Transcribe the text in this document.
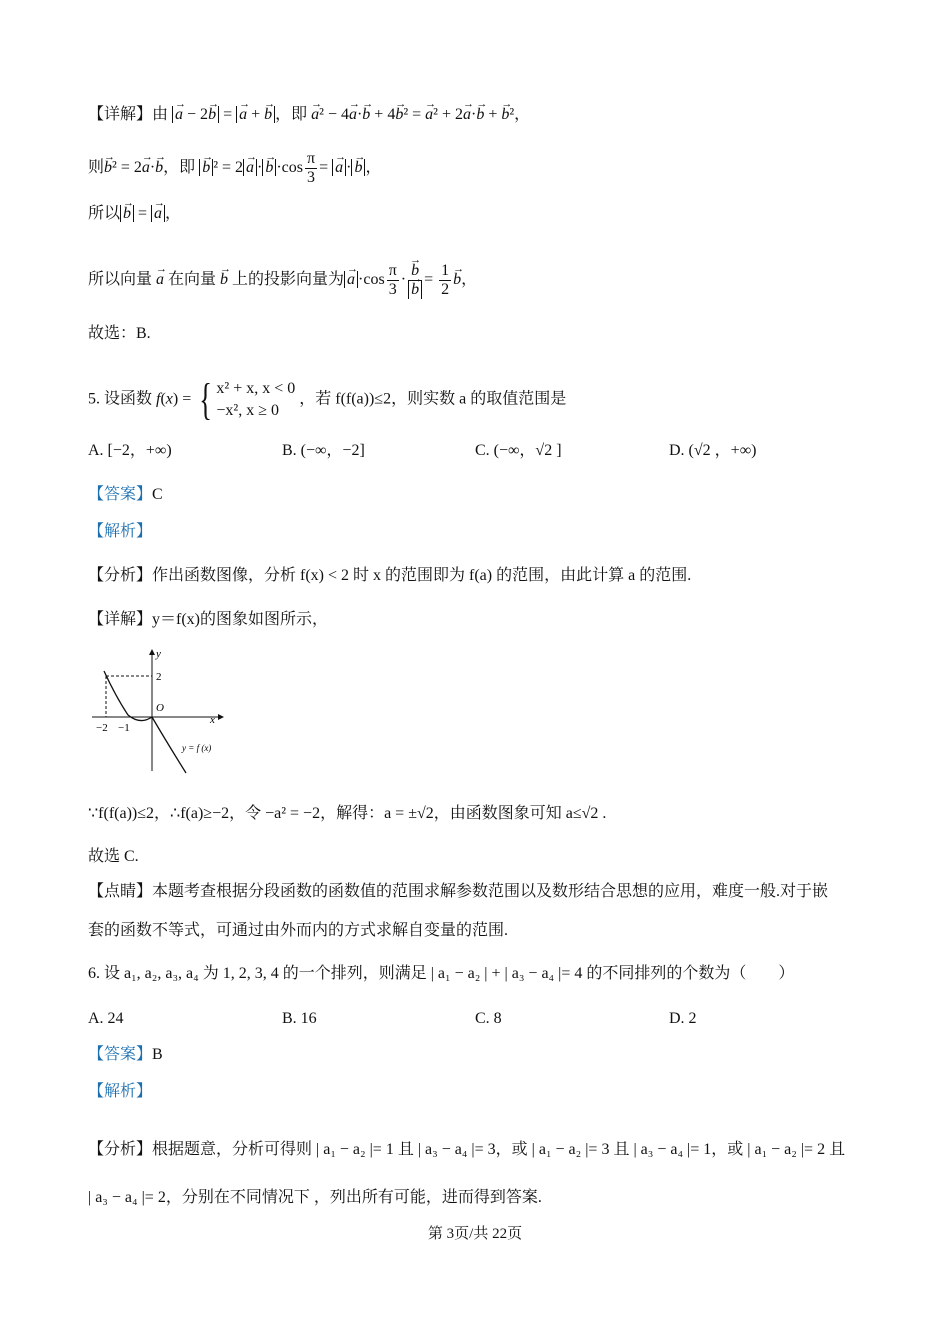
【详解】由 → a − 2→ b = → a + → b ，即 → a² − 4→ a·→ b + 4→ b² = → a² + 2→ a·→ b + → b²，
则→ b² = 2→ a·→ b，即 → b $^2 = 2\to a \cdot\to b \cdot\cos \frac{\pi}{3}$ = → a ·→ b ，
所以→ b = → a ，
所以向量 → a 在向量 → b 上的投影向量为→ $a \cdot\cos \frac{\pi}{3}$ ·
→ b
→ $b = \frac{1}{2}$
→ b，
故选：B.
5. 设函数 f(x) = { x² + x, x < 0
−x², x ≥ 0
，若 f(f(a))≤2，则实数 a 的取值范围是
A. [−2，+∞)	B. (−∞，−2]	C. (−∞，√2 ]	D. (√2 ，+∞)
【答案】C
【解析】
【分析】作出函数图像，分析 f(x) < 2 时 x 的范围即为 f(a) 的范围，由此计算 a 的范围.
【详解】y＝f(x)的图象如图所示，
y
x
O
2
−2 −1
y = f (x)
∵f(f(a))≤2，∴f(a)≥−2，令 −a² = −2，解得：a = ±√2，由函数图象可知 a≤√2 .
故选 C.
【点睛】本题考查根据分段函数的函数值的范围求解参数范围以及数形结合思想的应用，难度一般.对于嵌
套的函数不等式，可通过由外而内的方式求解自变量的范围.
6. 设 a₁, a₂, a₃, a₄ 为 1, 2, 3, 4 的一个排列，则满足 | a₁ − a₂ | + | a₃ − a₄ |= 4 的不同排列的个数为（　　）
A. 24	B. 16	C. 8	D. 2
【答案】B
【解析】
【分析】根据题意，分析可得则 | a₁ − a₂ |= 1 且 | a₃ − a₄ |= 3，或 | a₁ − a₂ |= 3 且 | a₃ − a₄ |= 1，或 | a₁ − a₂ |= 2 且
| a₃ − a₄ |= 2，分别在不同情况下 ，列出所有可能，进而得到答案.
第 3页/共 22页
